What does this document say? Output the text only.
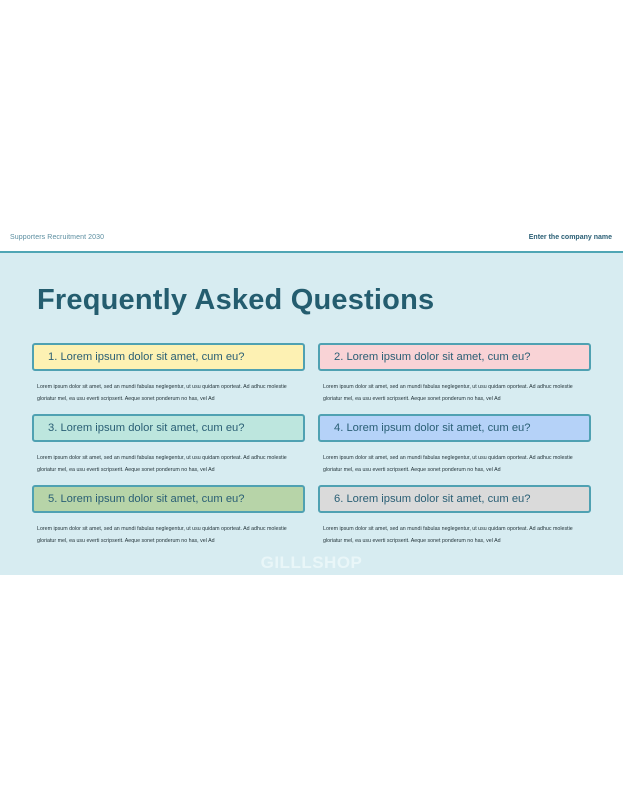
Supporters Recruitment 2030	Enter the company name
Frequently Asked Questions
1. Lorem ipsum dolor sit amet, cum eu?
Lorem ipsum dolor sit amet, sed an mundi fabulas neglegentur, ut usu quidam oporteat. Ad adhuc molestie gloriatur mel, ea usu everti scripserit. Aeque sonet ponderum no has, vel Ad
3. Lorem ipsum dolor sit amet, cum eu?
Lorem ipsum dolor sit amet, sed an mundi fabulas neglegentur, ut usu quidam oporteat. Ad adhuc molestie gloriatur mel, ea usu everti scripserit. Aeque sonet ponderum no has, vel Ad
5. Lorem ipsum dolor sit amet, cum eu?
Lorem ipsum dolor sit amet, sed an mundi fabulas neglegentur, ut usu quidam oporteat. Ad adhuc molestie gloriatur mel, ea usu everti scripserit. Aeque sonet ponderum no has, vel Ad
2. Lorem ipsum dolor sit amet, cum eu?
Lorem ipsum dolor sit amet, sed an mundi fabulas neglegentur, ut usu quidam oporteat. Ad adhuc molestie gloriatur mel, ea usu everti scripserit. Aeque sonet ponderum no has, vel Ad
4. Lorem ipsum dolor sit amet, cum eu?
Lorem ipsum dolor sit amet, sed an mundi fabulas neglegentur, ut usu quidam oporteat. Ad adhuc molestie gloriatur mel, ea usu everti scripserit. Aeque sonet ponderum no has, vel Ad
6. Lorem ipsum dolor sit amet, cum eu?
Lorem ipsum dolor sit amet, sed an mundi fabulas neglegentur, ut usu quidam oporteat. Ad adhuc molestie gloriatur mel, ea usu everti scripserit. Aeque sonet ponderum no has, vel Ad
GILLLSHOP
